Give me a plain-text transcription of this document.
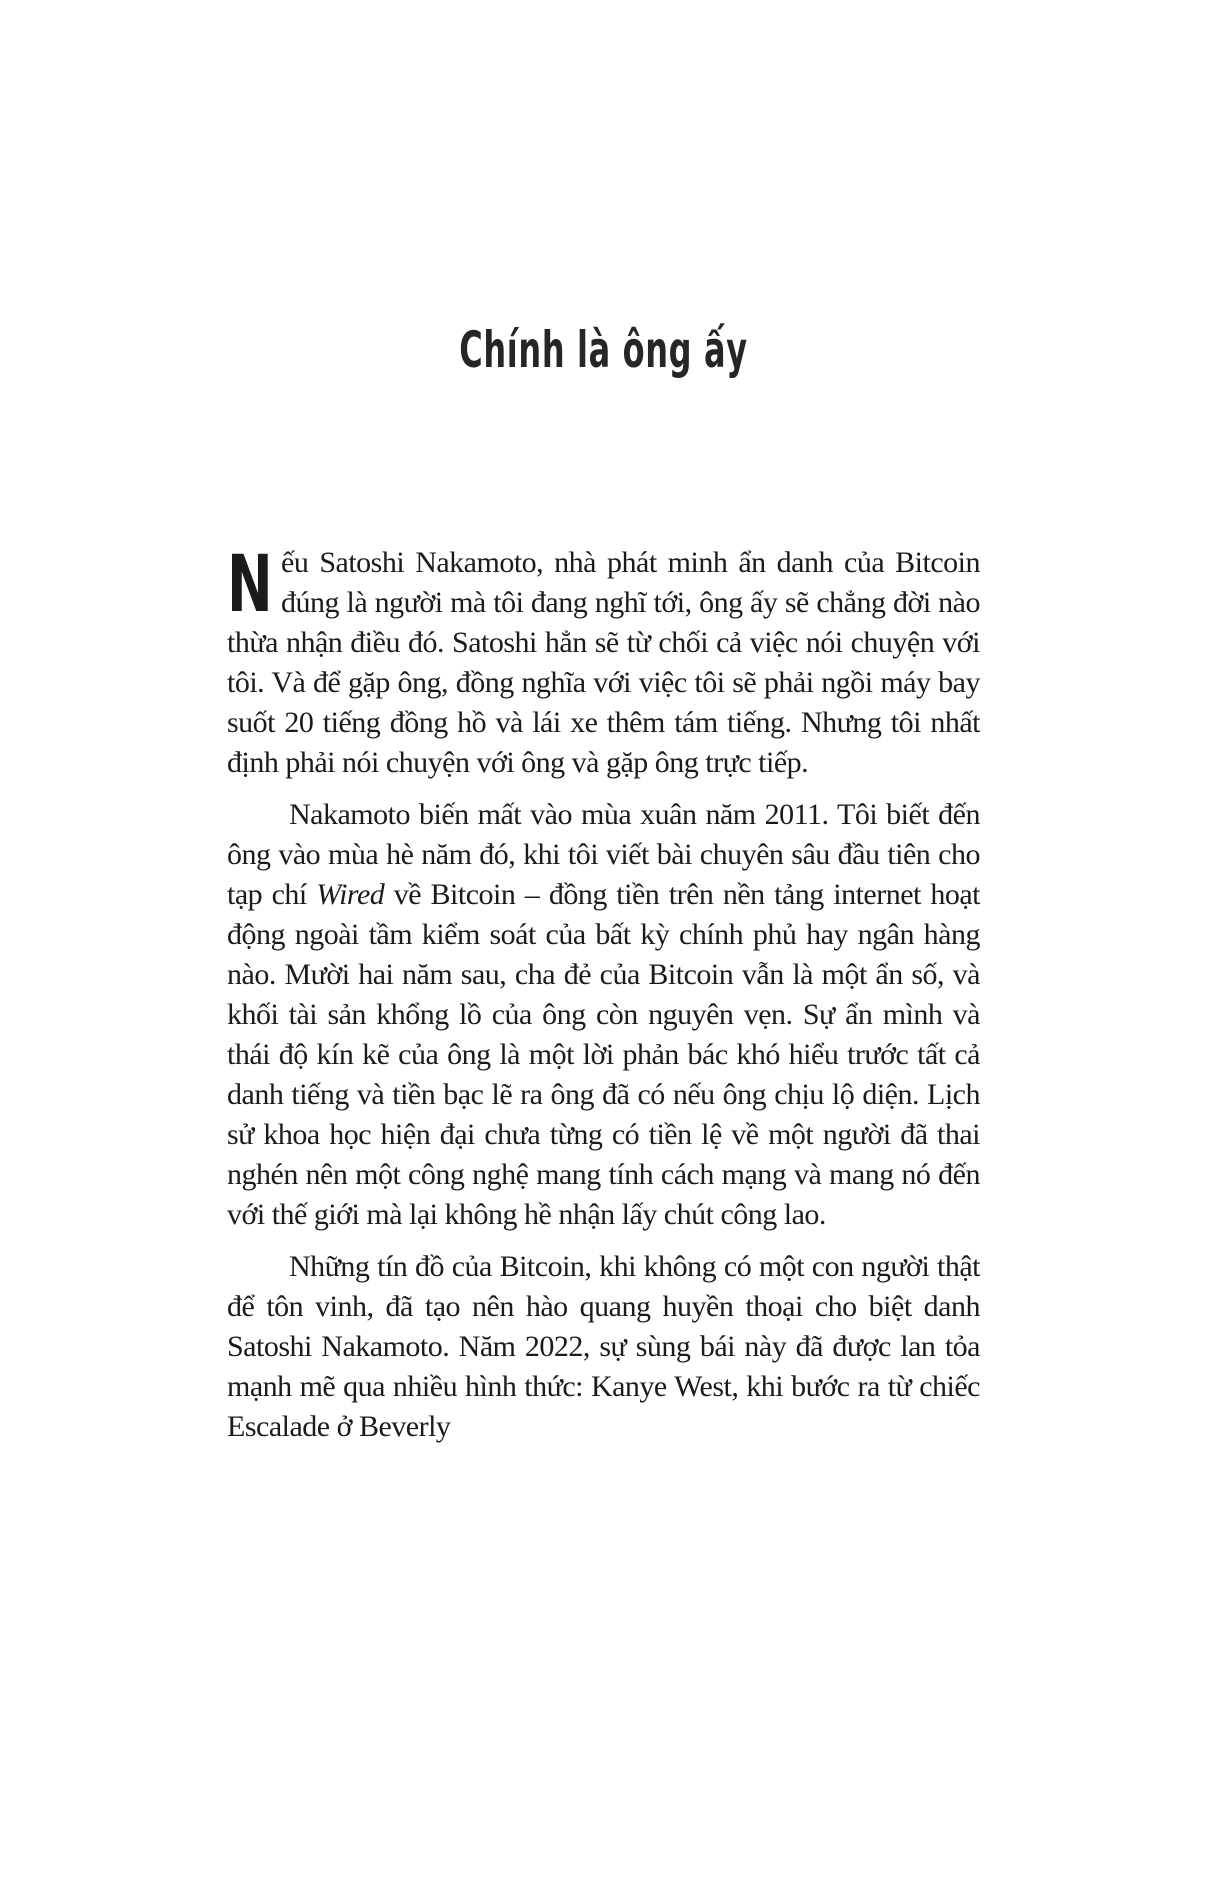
Chính là ông ấy

N ếu Satoshi Nakamoto, nhà phát minh ẩn danh của Bitcoin đúng là người mà tôi đang nghĩ tới, ông ấy sẽ chẳng đời nào thừa nhận điều đó. Satoshi hẳn sẽ từ chối cả việc nói chuyện với tôi. Và để gặp ông, đồng nghĩa với việc tôi sẽ phải ngồi máy bay suốt 20 tiếng đồng hồ và lái xe thêm tám tiếng. Nhưng tôi nhất định phải nói chuyện với ông và gặp ông trực tiếp.

Nakamoto biến mất vào mùa xuân năm 2011. Tôi biết đến ông vào mùa hè năm đó, khi tôi viết bài chuyên sâu đầu tiên cho tạp chí Wired về Bitcoin – đồng tiền trên nền tảng internet hoạt động ngoài tầm kiểm soát của bất kỳ chính phủ hay ngân hàng nào. Mười hai năm sau, cha đẻ của Bitcoin vẫn là một ẩn số, và khối tài sản khổng lồ của ông còn nguyên vẹn. Sự ẩn mình và thái độ kín kẽ của ông là một lời phản bác khó hiểu trước tất cả danh tiếng và tiền bạc lẽ ra ông đã có nếu ông chịu lộ diện. Lịch sử khoa học hiện đại chưa từng có tiền lệ về một người đã thai nghén nên một công nghệ mang tính cách mạng và mang nó đến với thế giới mà lại không hề nhận lấy chút công lao.

Những tín đồ của Bitcoin, khi không có một con người thật để tôn vinh, đã tạo nên hào quang huyền thoại cho biệt danh Satoshi Nakamoto. Năm 2022, sự sùng bái này đã được lan tỏa mạnh mẽ qua nhiều hình thức: Kanye West, khi bước ra từ chiếc Escalade ở Beverly
